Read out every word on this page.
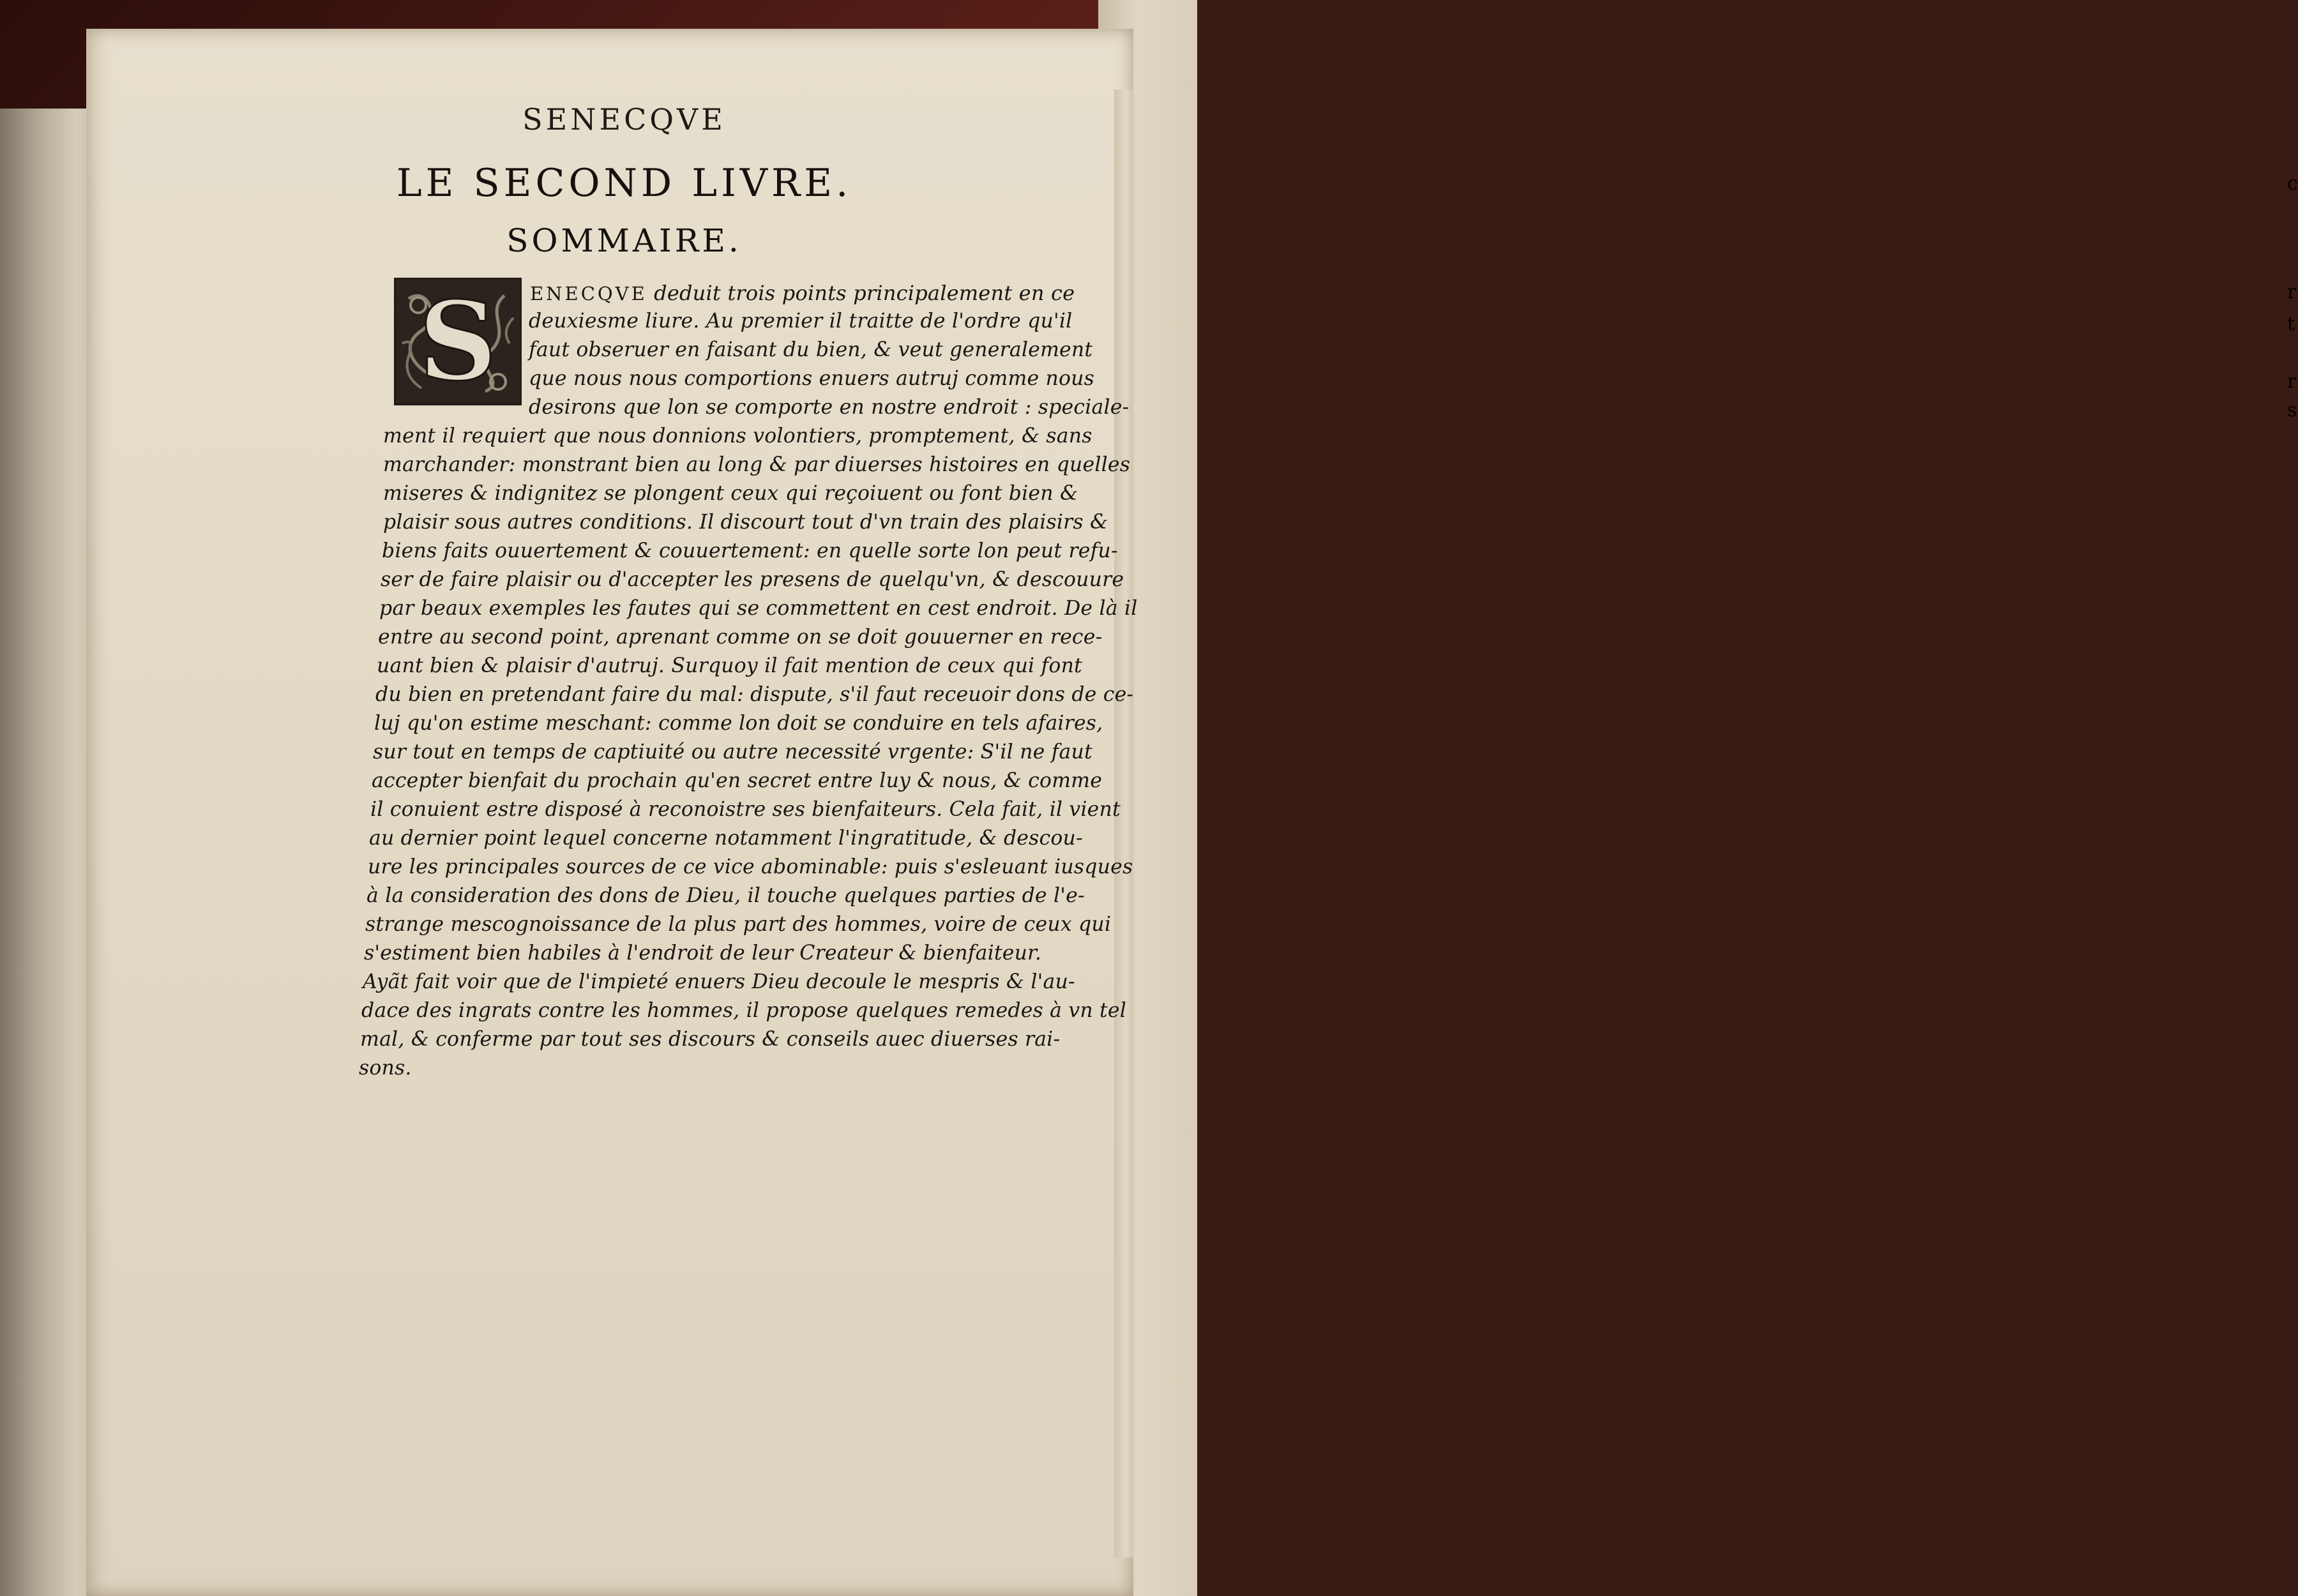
c
r
t
r
s
SENECQVE
LE SECOND LIVRE.
SOMMAIRE.
S	ENECQVE deduit trois points principalement en ce
deuxiesme liure. Au premier il traitte de l'ordre qu'il
faut obseruer en faisant du bien, & veut generalement
que nous nous comportions enuers autruj comme nous
desirons que lon se comporte en nostre endroit : speciale-
ment il requiert que nous donnions volontiers, promptement, & sans
marchander: monstrant bien au long & par diuerses histoires en quelles
miseres & indignitez se plongent ceux qui reçoiuent ou font bien &
plaisir sous autres conditions. Il discourt tout d'vn train des plaisirs &
biens faits ouuertement & couuertement: en quelle sorte lon peut refu-
ser de faire plaisir ou d'accepter les presens de quelqu'vn, & descouure
par beaux exemples les fautes qui se commettent en cest endroit. De là il
entre au second point, aprenant comme on se doit gouuerner en rece-
uant bien & plaisir d'autruj. Surquoy il fait mention de ceux qui font
du bien en pretendant faire du mal: dispute, s'il faut receuoir dons de ce-
luj qu'on estime meschant: comme lon doit se conduire en tels afaires,
sur tout en temps de captiuité ou autre necessité vrgente: S'il ne faut
accepter bienfait du prochain qu'en secret entre luy & nous, & comme
il conuient estre disposé à reconoistre ses bienfaiteurs. Cela fait, il vient
au dernier point lequel concerne notamment l'ingratitude, & descou-
ure les principales sources de ce vice abominable: puis s'esleuant iusques
à la consideration des dons de Dieu, il touche quelques parties de l'e-
strange mescognoissance de la plus part des hommes, voire de ceux qui
s'estiment bien habiles à l'endroit de leur Createur & bienfaiteur.
Ayãt fait voir que de l'impieté enuers Dieu decoule le mespris & l'au-
dace des ingrats contre les hommes, il propose quelques remedes à vn tel
mal, & conferme par tout ses discours & conseils auec diuerses rai-
sons.
